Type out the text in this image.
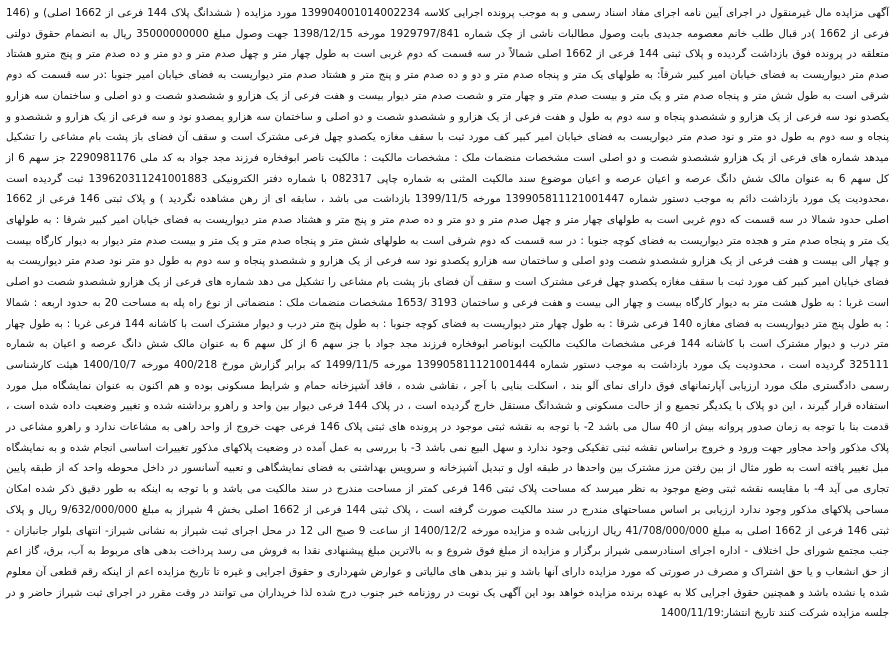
آگهی مزایده مال غیرمنقول در اجرای آیین نامه اجرای مفاد اسناد رسمی و به موجب پرونده اجرایی کلاسه 139904001014002234 مورد مزایده ( ششدانگ پلاک 144 فرعی از 1662 اصلی) و (146 فرعی از 1662 )در قبال طلب خانم معصومه جدیدی بابت وصول مطالبات ناشی از چک شماره 1929797/841 مورخه 1398/12/15 جهت وصول مبلغ 35000000000 ریال به انضمام حقوق دولتی متعلقه در پرونده فوق بازداشت گردیده و پلاک ثبتی 144 فرعی از 1662 اصلی شمالاً در سه قسمت که دوم غربی است به طول چهار متر و چهل صدم متر و دو متر و ده صدم متر و پنج مترو هشتاد صدم متر دیواریست به فضای خیابان امیر کبیر شرقاً: به طولهای یک متر و پنجاه صدم متر و دو و ده صدم متر و پنج متر و هشتاد صدم متر دیواریست به فضای خیابان امیر جنوبا :در سه قسمت که دوم شرقی است به طول شش متر و پنجاه صدم متر و یک متر و بیست صدم متر و چهار متر و شصت صدم متر دیوار بیست و هفت فرعی از یک هزارو و ششصدو شصت و دو اصلی و ساختمان سه هزارو یکصدو نود سه فرعی از یک هزارو و ششصدو پنجاه و سه دوم به طول و هفت فرعی از یک هزارو و ششصدو شصت و دو اصلی و ساختمان سه هزارو یمصدو نود و سه فرعی از یک هزارو و ششصدو و پنجاه و سه دوم به طول دو متر و نود صدم متر دیواریست به فضای خیابان امیر کبیر کف مورد ثبت با سقف مغازه یکصدو چهل فرعی مشترک است و سقف آن فضای باز پشت بام مشاعی را تشکیل میدهد شماره های فرعی از یک هزارو ششصدو شصت و دو اصلی است مشخصات منضمات ملک : مشخصات مالکیت : مالکیت ناصر ابوفخاره فرزند مجد جواد به کد ملی 2290981176 جز سهم 6 از کل سهم 6 به عنوان مالک شش دانگ عرصه و اعیان عرصه و اعیان موضوع سند مالکیت المثنی به شماره چاپی 082317 با شماره دفتر الکترونیکی 139620311241001883 ثبت گردیده است ،محدودیت یک مورد بازداشت دائم به موجب دستور شماره 139905811121001447 مورخه 1399/11/5 بازداشت می باشد ، سابقه ای از رهن مشاهده نگردید ) و پلاک ثبتی 146 فرعی از 1662 اصلی حدود شمالا در سه قسمت که دوم غربی است به طولهای چهار متر و چهل صدم متر و دو متر و ده صدم متر و پنج متر و هشتاد صدم متر دیواریست به فضای خیابان امیر کبیر شرقا : به طولهای یک متر و پنجاه صدم متر و هجده متر دیواریست به فضای کوچه جنوبا : در سه قسمت که دوم شرقی است به طولهای شش متر و پنجاه صدم متر و یک متر و بیست صدم متر دیوار به دیوار کارگاه بیست و چهار الی بیست و هفت فرعی از یک هزارو ششصدو شصت ودو اصلی و ساختمان سه هزارو یکصدو نود سه فرعی از یک هزارو و ششصدو پنجاه و سه دوم به طول دو متر نود صدم متر دیواریست به فضای خیابان امیر کبیر کف مورد ثبت با سقف مغازه یکصدو چهل فرعی مشترک است و سقف آن فضای باز پشت بام مشاعی را تشکیل می دهد شماره های فرعی از یک هزارو ششصدو شصت دو اصلی است غربا : به طول هشت متر به دیوار کارگاه بیست و چهار الی بیست و هفت فرعی و ساختمان 3193 /1653 مشخصات منضمات ملک : منضماتی از نوع راه پله به مساحت 20 به حدود اربعه : شمالا : به طول پنج متر دیواریست به فضای مغازه 140 فرعی شرقا : به طول چهار متر دیواریست به فضای کوچه جنوبا : به طول پنج متر درب و دیوار مشترک است با کاشانه 144 فرعی غربا : به طول چهار متر درب و دیوار مشترک است با کاشانه 144 فرعی مشخصات مالکیت مالکیت ابوناصر ابوفخاره فرزند مجد جواد با جز سهم 6 از کل سهم 6 به عنوان مالک شش دانگ عرصه و اعیان به شماره 325111 گردیده است ، محدودیت یک مورد بازداشت به موجب دستور شماره 139905811121001444 مورخه 1499/11/5 که برابر گزارش مورخ 400/218 مورخه 1400/10/7 هیئت کارشناسی رسمی دادگستری ملک مورد ارزیابی آپارتمانهای فوق دارای نمای آلو بند ، اسکلت بنایی با آجر ، نقاشی شده ، فاقد آشپزخانه حمام و شرایط مسکونی بوده و هم اکنون به عنوان نمایشگاه مبل مورد استفاده قرار گیرند ، این دو پلاک با یکدیگر تجمیع و از حالت مسکونی و ششدانگ مستقل خارج گردیده است ، در پلاک 144 فرعی دیوار بین واحد و راهرو برداشته شده و تغییر وضعیت داده شده است ، قدمت بنا با توجه به زمان صدور پروانه بیش از 40 سال می باشد 2- با توجه به نقشه ثبتی موجود در پرونده های ثبتی پلاک 146 فرعی جهت خروج از واحد راهی به مشاعات ندارد و راهرو مشاعی در پلاک مذکور واحد مجاور جهت ورود و خروج براساس نقشه ثبتی تفکیکی وجود ندارد و سهل البیع نمی باشد 3- با بررسی به عمل آمده در وضعیت پلاکهای مذکور تغییرات اساسی انجام شده و به نمایشگاه مبل تغییر یافته است به طور مثال از بین رفتن مرز مشترک بین واحدها در طبقه اول و تبدیل آشپزخانه و سرویس بهداشتی به فضای نمایشگاهی و تعبیه آسانسور در داخل محوطه واحد که از طبقه پایین تجاری می آید 4- با مقایسه نقشه ثبتی وضع موجود به نظر میرسد که مساحت پلاک ثبتی 146 فرعی کمتر از مساحت مندرج در سند مالکیت می باشد و با توجه به اینکه به طور دقیق ذکر شده امکان مساحی پلاکهای مذکور وجود ندارد ارزیابی بر اساس مساحتهای مندرج در سند مالکیت صورت گرفته است ، پلاک ثبتی 144 فرعی از 1662 اصلی بخش 4 شیراز به مبلغ 9/632/000/000 ریال و پلاک ثبتی 146 فرعی از 1662 اصلی به مبلغ 41/708/000/000 ریال ارزیابی شده و مزایده مورخه 1400/12/2 از ساعت 9 صبح الی 12 در محل اجرای ثبت شیراز به نشانی شیراز- انتهای بلوار جانبازان - جنب مجتمع شورای حل اختلاف - اداره اجرای اسنادرسمی شیراز برگزار و مزایده از مبلغ فوق شروع و به بالاترین مبلغ پیشنهادی نقدا به فروش می رسد پرداخت بدهی های مربوط به آب، برق، گاز اعم از حق انشعاب و یا حق اشتراک و مصرف در صورتی که مورد مزایده دارای آنها باشد و نیز بدهی های مالیاتی و عوارض شهرداری و حقوق اجرایی و غیره تا تاریخ مزایده اعم از اینکه رقم قطعی آن معلوم شده یا نشده باشد و همچنین حقوق اجرایی کلا به عهده برنده مزایده خواهد بود این آگهی یک نوبت در روزنامه خبر جنوب درج شده لذا خریداران می توانند در وقت مقرر در اجرای ثبت شیراز حاضر و در جلسه مزایده شرکت کنند تاریخ انتشار:1400/11/19
